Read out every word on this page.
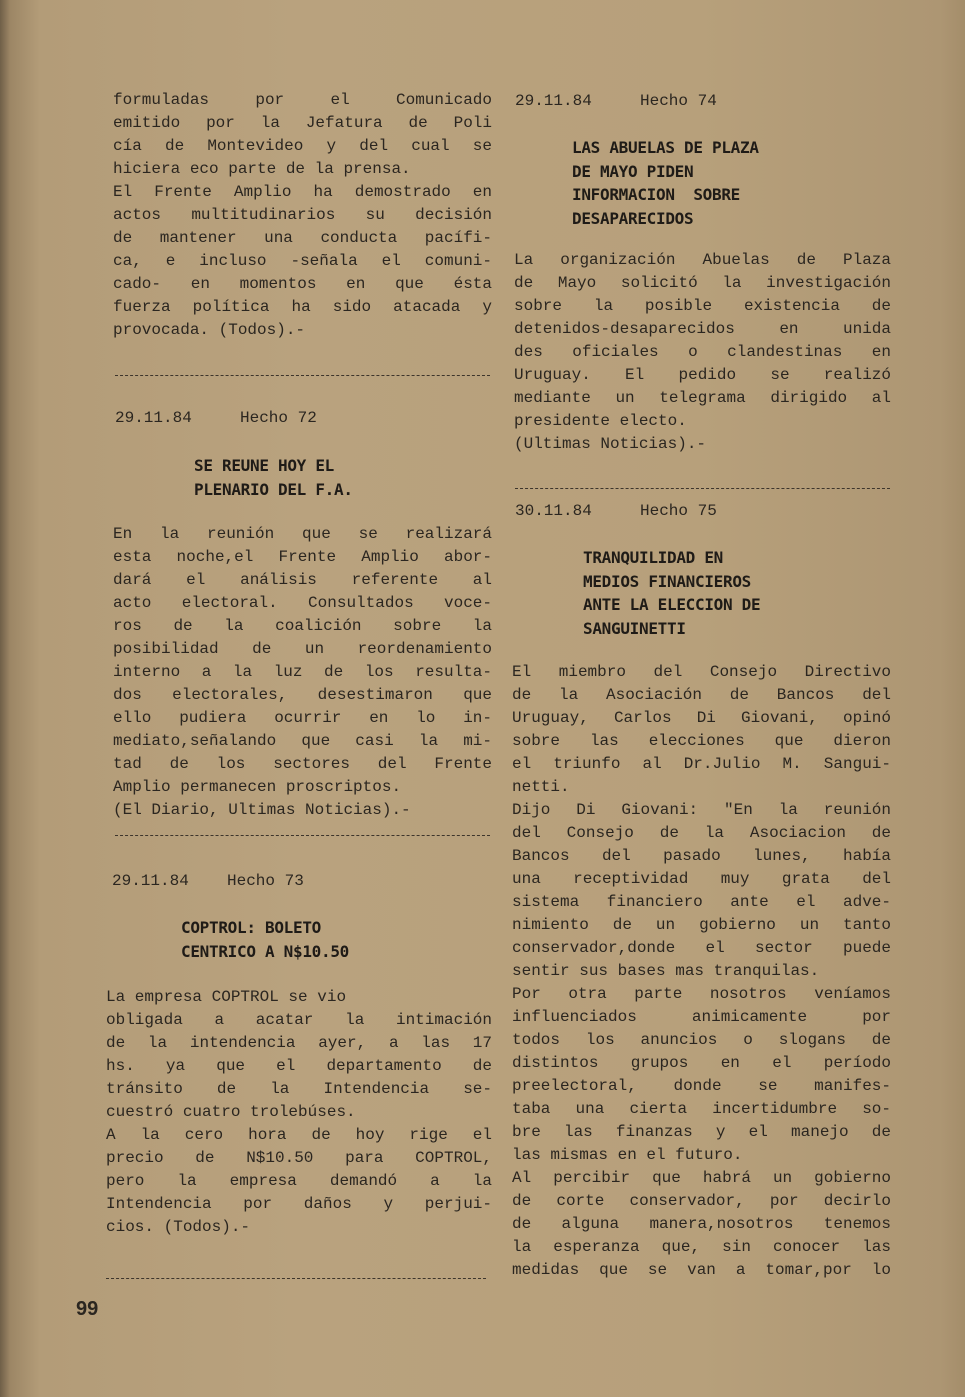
formuladas por el Comunicado
emitido por la Jefatura de Poli
cía de Montevideo y del cual se
hiciera eco parte de la prensa.
El Frente Amplio ha demostrado en
actos multitudinarios su decisión
de mantener una conducta pacífi-
ca, e incluso -señala el comuni-
cado- en momentos en que ésta
fuerza política ha sido atacada y
provocada. (Todos).-
29.11.84	Hecho 72
SE REUNE HOY EL
PLENARIO DEL F.A.
En la reunión que se realizará
esta noche,el Frente Amplio abor-
dará el análisis referente al
acto electoral. Consultados voce-
ros de la coalición sobre la
posibilidad de un reordenamiento
interno a la luz de los resulta-
dos electorales, desestimaron que
ello pudiera ocurrir en lo in-
mediato,señalando que casi la mi-
tad de los sectores del Frente
Amplio permanecen proscriptos.
(El Diario, Ultimas Noticias).-
29.11.84 Hecho 73
COPTROL: BOLETO
CENTRICO A N$10.50
La empresa COPTROL se vio
obligada a acatar la intimación
de la intendencia ayer, a las 17
hs. ya que el departamento de
tránsito de la Intendencia se-
cuestró cuatro trolebúses.
A la cero hora de hoy rige el
precio de N$10.50 para COPTROL,
pero la empresa demandó a la
Intendencia por daños y perjui-
cios. (Todos).-
29.11.84	Hecho 74
LAS ABUELAS DE PLAZA
DE MAYO PIDEN
INFORMACION  SOBRE
DESAPARECIDOS
La organización Abuelas de Plaza
de Mayo solicitó la investigación
sobre la posible existencia de
detenidos-desaparecidos en unida
des oficiales o clandestinas en
Uruguay. El pedido se realizó
mediante un telegrama dirigido al
presidente electo.
(Ultimas Noticias).-
30.11.84	Hecho 75
TRANQUILIDAD EN
MEDIOS FINANCIEROS
ANTE LA ELECCION DE
SANGUINETTI
El miembro del Consejo Directivo
de la Asociación de Bancos del
Uruguay, Carlos Di Giovani, opinó
sobre las elecciones que dieron
el triunfo al Dr.Julio M. Sangui-
netti.
Dijo Di Giovani: "En la reunión
del Consejo de la Asociacion de
Bancos del pasado lunes, había
una receptividad muy grata del
sistema financiero ante el adve-
nimiento de un gobierno un tanto
conservador,donde el sector puede
sentir sus bases mas tranquilas.
Por otra parte nosotros veníamos
influenciados animicamente por
todos los anuncios o slogans de
distintos grupos en el período
preelectoral, donde se manifes-
taba una cierta incertidumbre so-
bre las finanzas y el manejo de
las mismas en el futuro.
Al percibir que habrá un gobierno
de corte conservador, por decirlo
de alguna manera,nosotros tenemos
la esperanza que, sin conocer las
medidas que se van a tomar,por lo
99
